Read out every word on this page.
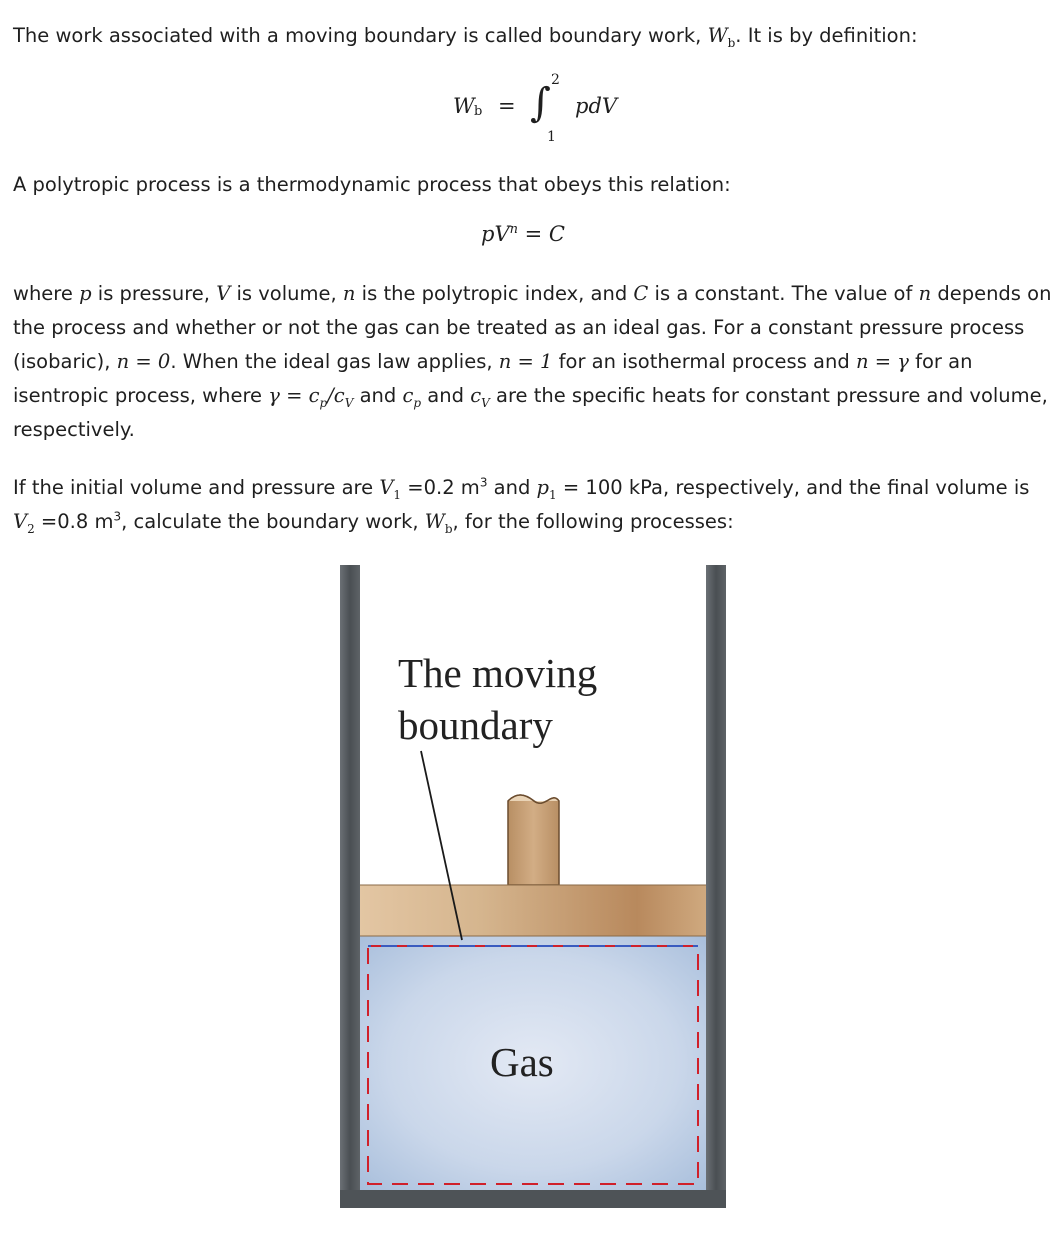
The work associated with a moving boundary is called boundary work, $W_b$. It is by definition:

W b = ∫ 2
1
pdV

A polytropic process is a thermodynamic process that obeys this relation:

$pV^n = C$

where p is pressure, V is volume, n is the polytropic index, and C is a constant. The value of n depends on the process and whether or not the gas can be treated as an ideal gas. For a constant pressure process (isobaric), n = 0. When the ideal gas law applies, n = 1 for an isothermal process and n = γ for an isentropic process, where $\gamma = c_p/c_V$ and $c_p$ and $c_V$ are the specific heats for constant pressure and volume, respectively.

If the initial volume and pressure are $V_1 =0.2$ $m^3$ and $p_1 = 100$ kPa, respectively, and the final volume is $V_2 =0.8$ $m^3$, calculate the boundary work, $W_b$, for the following processes:

The moving
boundary
Gas
